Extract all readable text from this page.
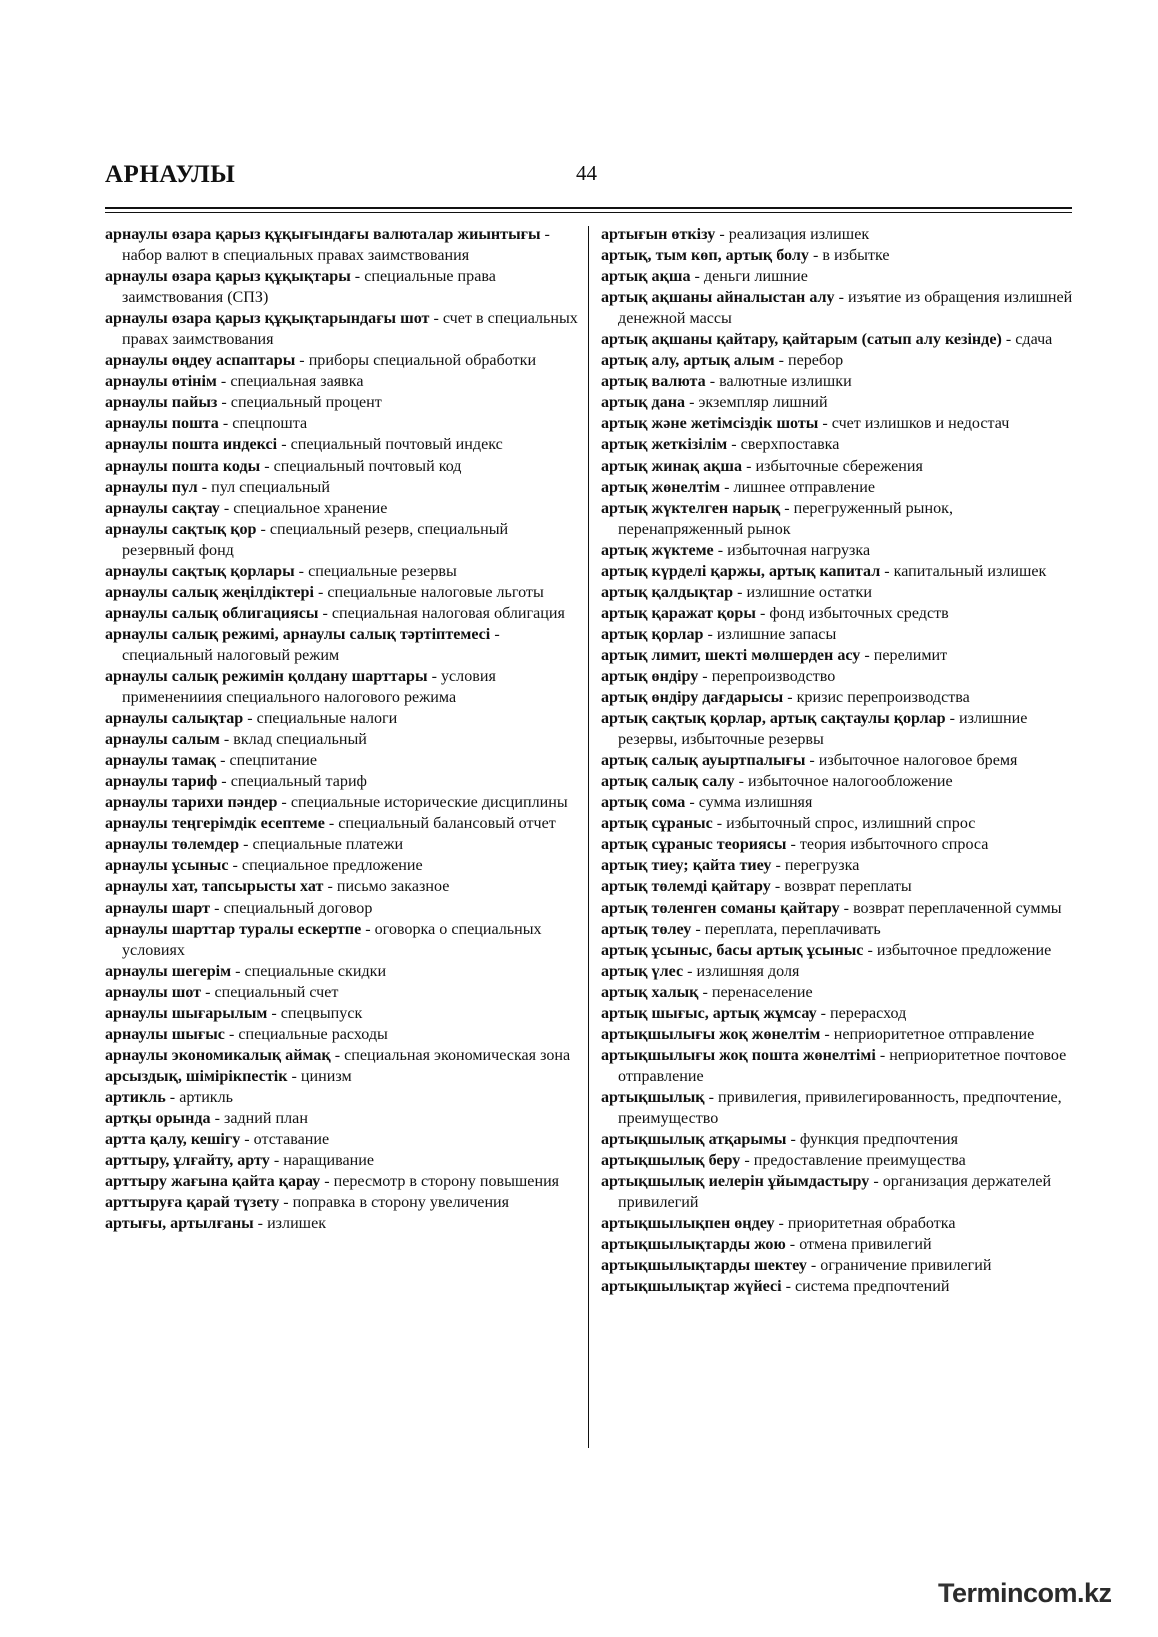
АРНАУЛЫ	44

арнаулы өзара қарыз құқығындағы валюталар жиынтығы - набор валют в специальных правах заимствования

арнаулы өзара қарыз құқықтары - специальные права заимствования (СПЗ)

арнаулы өзара қарыз құқықтарындағы шот - счет в специальных правах заимствования

арнаулы өңдеу аспаптары - приборы специальной обработки

арнаулы өтінім - специальная заявка

арнаулы пайыз - специальный процент

арнаулы пошта - спецпошта

арнаулы пошта индексі - специальный почтовый индекс

арнаулы пошта коды - специальный почтовый код

арнаулы пул - пул специальный

арнаулы сақтау - специальное хранение

арнаулы сақтық қор - специальный резерв, специальный резервный фонд

арнаулы сақтық қорлары - специальные резервы

арнаулы салық жеңілдіктері - специальные налоговые льготы

арнаулы салық облигациясы - специальная налоговая облигация

арнаулы салық режимі, арнаулы салық тәртіптемесі - специальный налоговый режим

арнаулы салық режимін қолдану шарттары - условия примененииия специального налогового режима

арнаулы салықтар - специальные налоги

арнаулы салым - вклад специальный

арнаулы тамақ - спецпитание

арнаулы тариф - специальный тариф

арнаулы тарихи пәндер - специальные исторические дисциплины

арнаулы теңгерімдік есептеме - специальный балансовый отчет

арнаулы төлемдер - специальные платежи

арнаулы ұсыныс - специальное предложение

арнаулы хат, тапсырысты хат - письмо заказное

арнаулы шарт - специальный договор

арнаулы шарттар туралы ескертпе - оговорка о специальных условиях

арнаулы шегерім - специальные скидки

арнаулы шот - специальный счет

арнаулы шығарылым - спецвыпуск

арнаулы шығыс - специальные расходы

арнаулы экономикалық аймақ - специальная экономическая зона

арсыздық, шімірікпестік - цинизм

артикль - артикль

артқы орында - задний план

артта қалу, кешігу - отставание

арттыру, ұлғайту, арту - наращивание

арттыру жағына қайта қарау - пересмотр в сторону повышения

арттыруға қарай түзету - поправка в сторону увеличения

артығы, артылғаны - излишек

артығын өткізу - реализация излишек

артық, тым көп, артық болу - в избытке

артық ақша - деньги лишние

артық ақшаны айналыстан алу - изъятие из обращения излишней денежной массы

артық ақшаны қайтару, қайтарым (сатып алу кезінде) - сдача

артық алу, артық алым - перебор

артық валюта - валютные излишки

артық дана - экземпляр лишний

артық және жетімсіздік шоты - счет излишков и недостач

артық жеткізілім - сверхпоставка

артық жинақ ақша - избыточные сбережения

артық жөнелтім - лишнее отправление

артық жүктелген нарық - перегруженный рынок, перенапряженный рынок

артық жүктеме - избыточная нагрузка

артық күрделі қаржы, артық капитал - капитальный излишек

артық қалдықтар - излишние остатки

артық қаражат қоры - фонд избыточных средств

артық қорлар - излишние запасы

артық лимит, шекті мөлшерден асу - перелимит

артық өндіру - перепроизводство

артық өндіру дағдарысы - кризис перепроизводства

артық сақтық қорлар, артық сақтаулы қорлар - излишние резервы, избыточные резервы

артық салық ауыртпалығы - избыточное налоговое бремя

артық салық салу - избыточное налогообложение

артық сома - сумма излишняя

артық сұраныс - избыточный спрос, излишний спрос

артық сұраныс теориясы - теория избыточного спроса

артық тиеу; қайта тиеу - перегрузка

артық төлемді қайтару - возврат переплаты

артық төленген соманы қайтару - возврат переплаченной суммы

артық төлеу - переплата, переплачивать

артық ұсыныс, басы артық ұсыныс - избыточное предложение

артық үлес - излишняя доля

артық халық - перенаселение

артық шығыс, артық жұмсау - перерасход

артықшылығы жоқ жөнелтім - неприоритетное отправление

артықшылығы жоқ пошта жөнелтімі - неприоритетное почтовое отправление

артықшылық - привилегия, привилегированность, предпочтение, преимущество

артықшылық атқарымы - функция предпочтения

артықшылық беру - предоставление преимущества

артықшылық иелерін ұйымдастыру - организация держателей привилегий

артықшылықпен өңдеу - приоритетная обработка

артықшылықтарды жою - отмена привилегий

артықшылықтарды шектеу - ограничение привилегий

артықшылықтар жүйесі - система предпочтений

Termincom.kz
